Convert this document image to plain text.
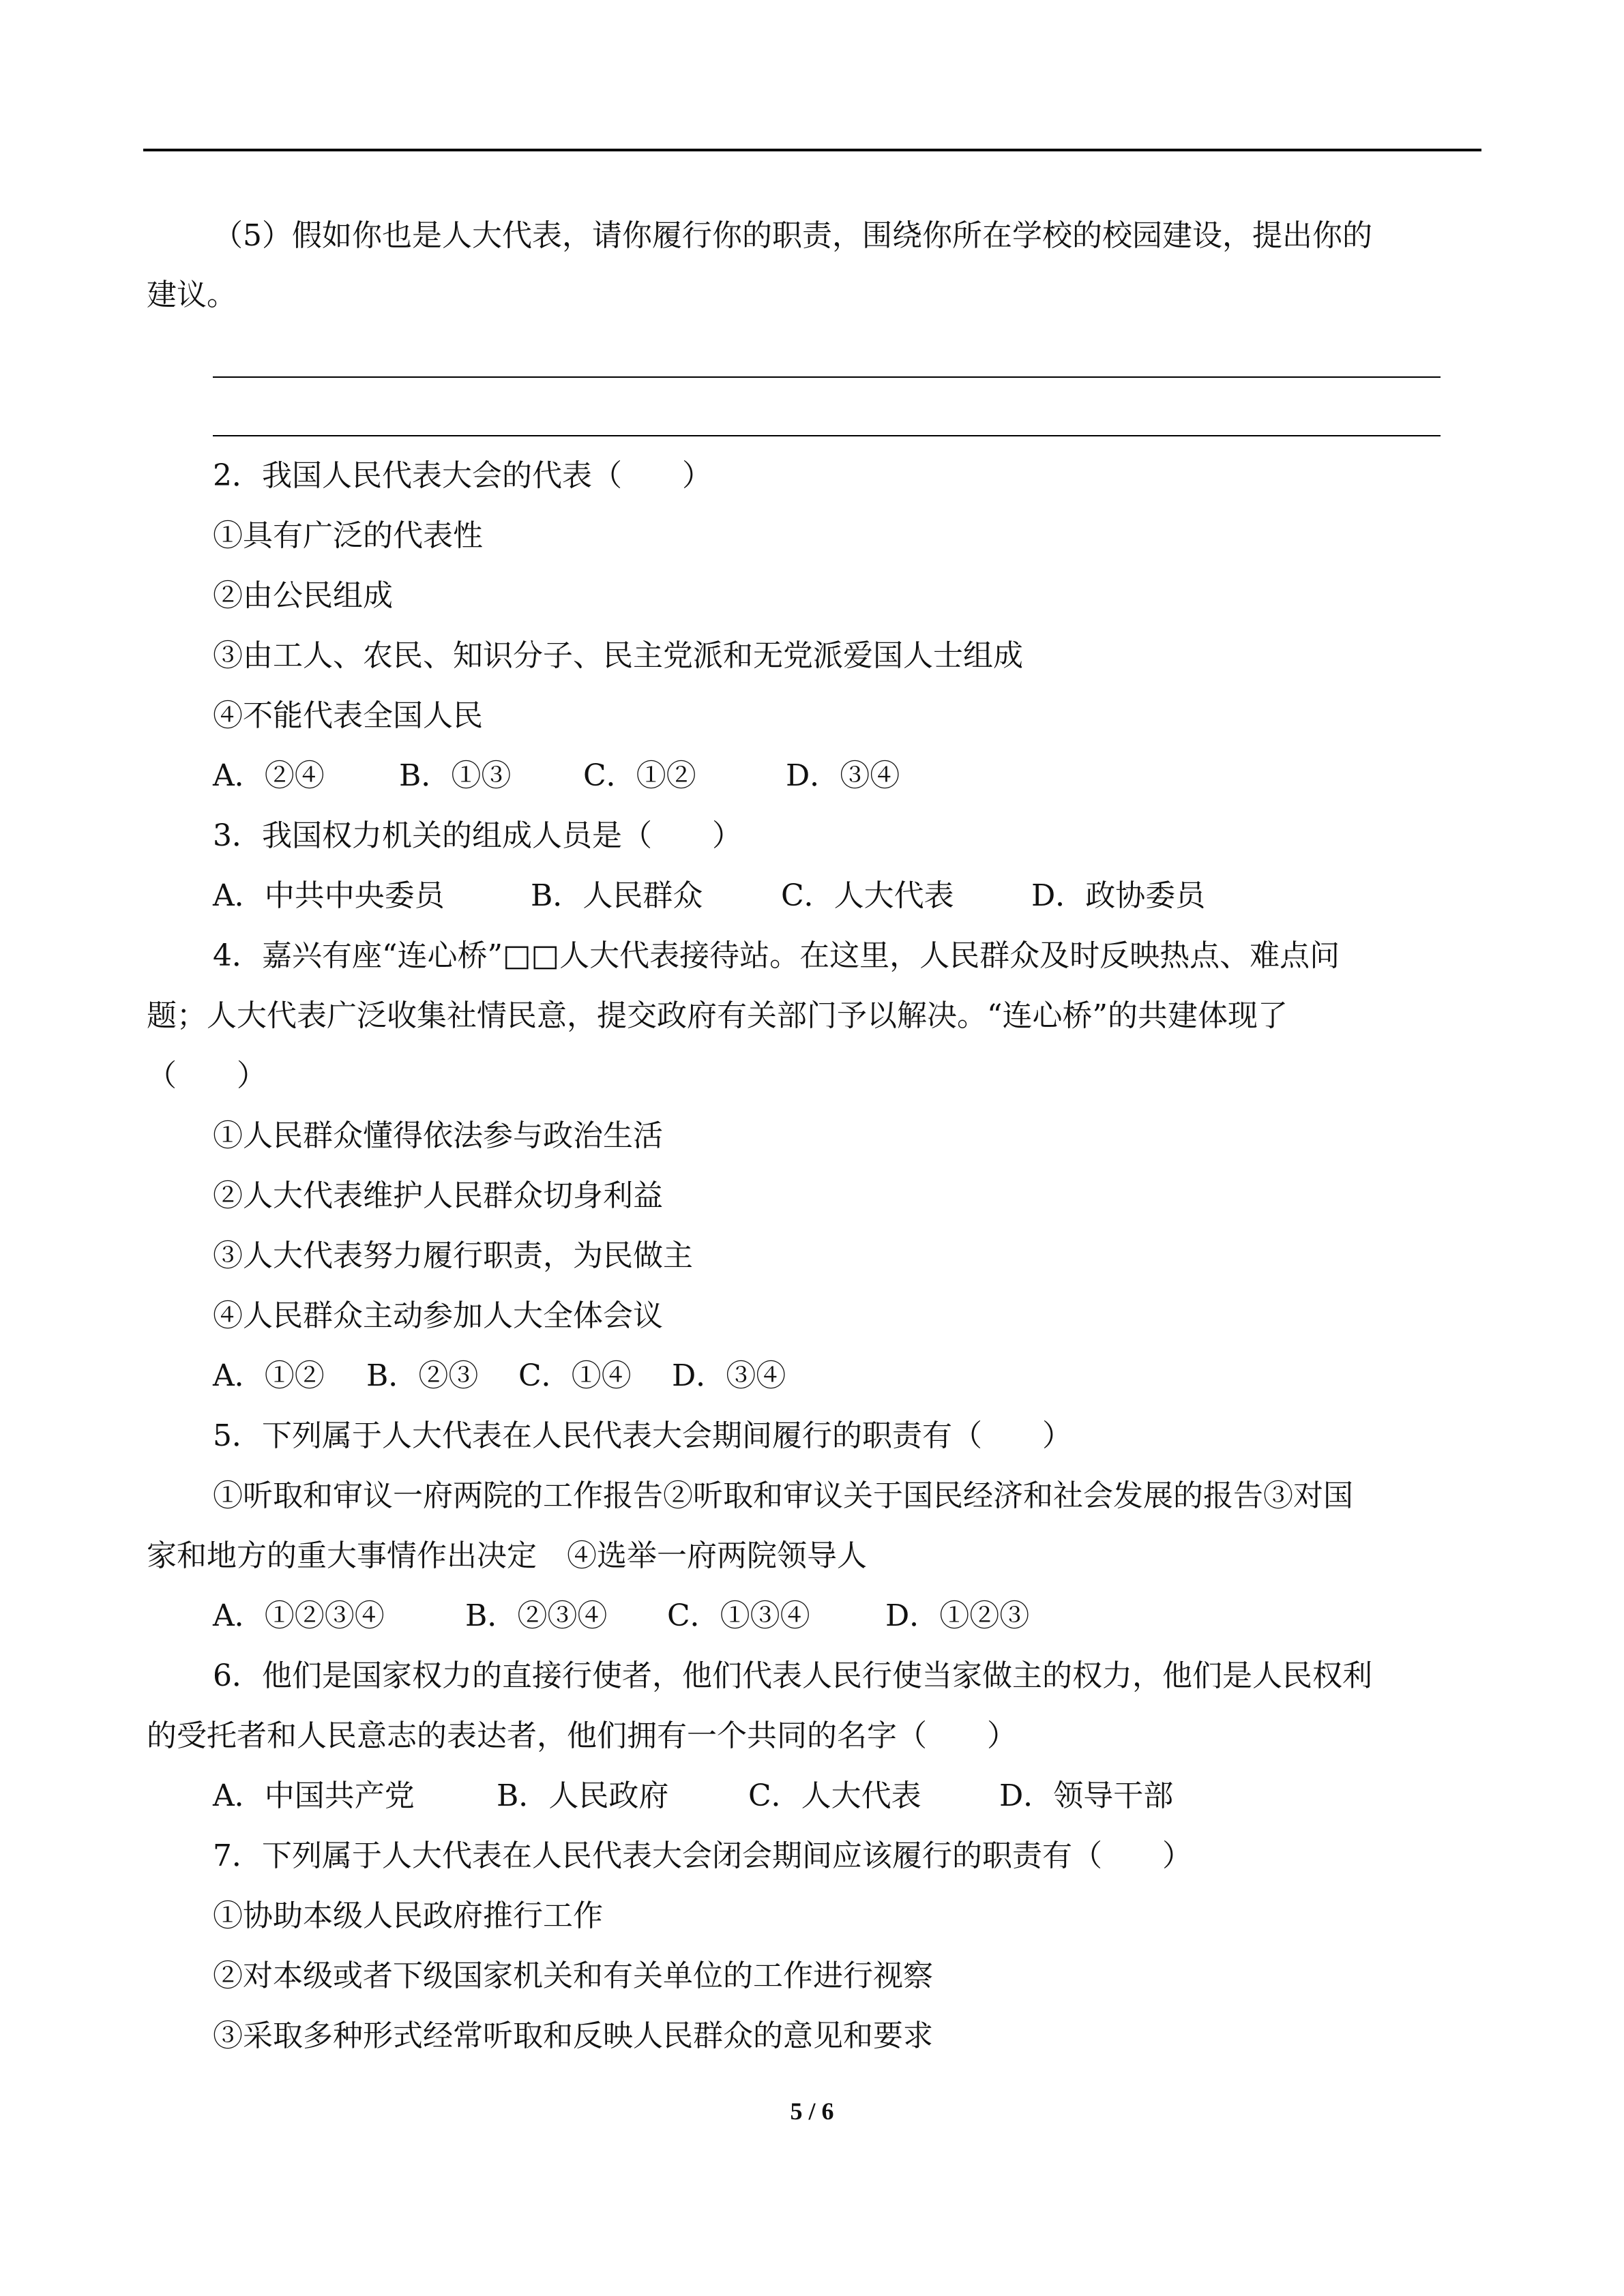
（5）假如你也是人大代表，请你履行你的职责，围绕你所在学校的校园建设，提出你的
建议。
2．我国人民代表大会的代表（　　）
①具有广泛的代表性
②由公民组成
③由工人、农民、知识分子、民主党派和无党派爱国人士组成
④不能代表全国人民
A．②④ B．①③ C．①②	D．③④
3．我国权力机关的组成人员是（　　）
A．中共中央委员	B．人民群众	C．人大代表	D．政协委员
4．嘉兴有座“连心桥”□□人大代表接待站。在这里，人民群众及时反映热点、难点问
题；人大代表广泛收集社情民意，提交政府有关部门予以解决。“连心桥”的共建体现了
（　　）
①人民群众懂得依法参与政治生活
②人大代表维护人民群众切身利益
③人大代表努力履行职责，为民做主
④人民群众主动参加人大全体会议
A．①② B．②③ C．①④ D．③④
5．下列属于人大代表在人民代表大会期间履行的职责有（　　）
①听取和审议一府两院的工作报告②听取和审议关于国民经济和社会发展的报告③对国
家和地方的重大事情作出决定　④选举一府两院领导人
A．①②③④	B．②③④ C．①③④	D．①②③
6．他们是国家权力的直接行使者，他们代表人民行使当家做主的权力，他们是人民权利
的受托者和人民意志的表达者，他们拥有一个共同的名字（　　）
A．中国共产党	B．人民政府	C．人大代表	D．领导干部
7．下列属于人大代表在人民代表大会闭会期间应该履行的职责有（　　）
①协助本级人民政府推行工作
②对本级或者下级国家机关和有关单位的工作进行视察
③采取多种形式经常听取和反映人民群众的意见和要求
5 / 6
